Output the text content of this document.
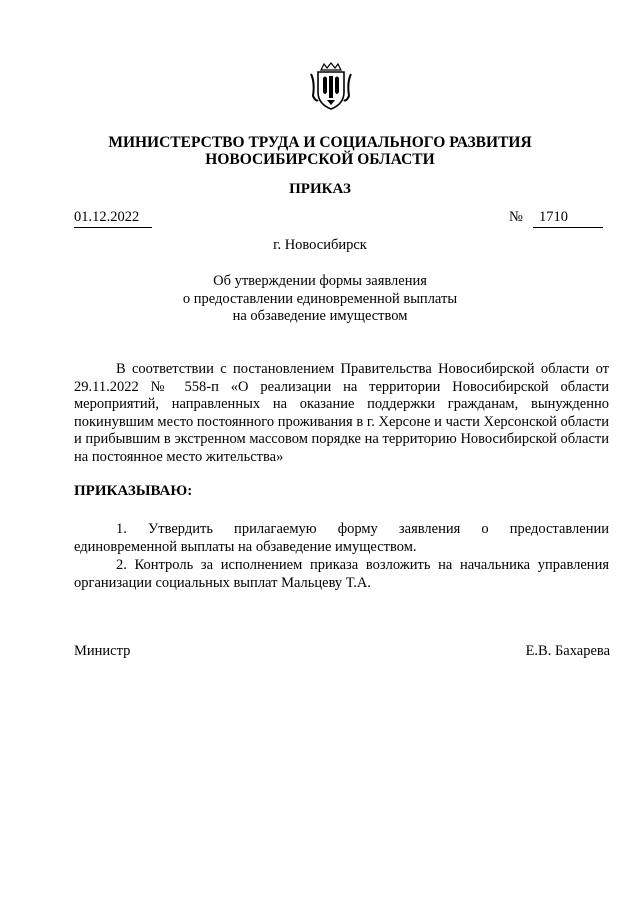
МИНИСТЕРСТВО ТРУДА И СОЦИАЛЬНОГО РАЗВИТИЯ
НОВОСИБИРСКОЙ ОБЛАСТИ
ПРИКАЗ
01.12.2022	№	1710
г. Новосибирск
Об утверждении формы заявления
о предоставлении единовременной выплаты
на обзаведение имуществом
В соответствии с постановлением Правительства Новосибирской области от 29.11.2022 № 558-п «О реализации на территории Новосибирской области мероприятий, направленных на оказание поддержки гражданам, вынужденно покинувшим место постоянного проживания в г. Херсоне и части Херсонской области и прибывшим в экстренном массовом порядке на территорию Новосибирской области на постоянное место жительства»
ПРИКАЗЫВАЮ:
1. Утвердить прилагаемую форму заявления о предоставлении единовременной выплаты на обзаведение имуществом.
2. Контроль за исполнением приказа возложить на начальника управления организации социальных выплат Мальцеву Т.А.
Министр	Е.В. Бахарева
